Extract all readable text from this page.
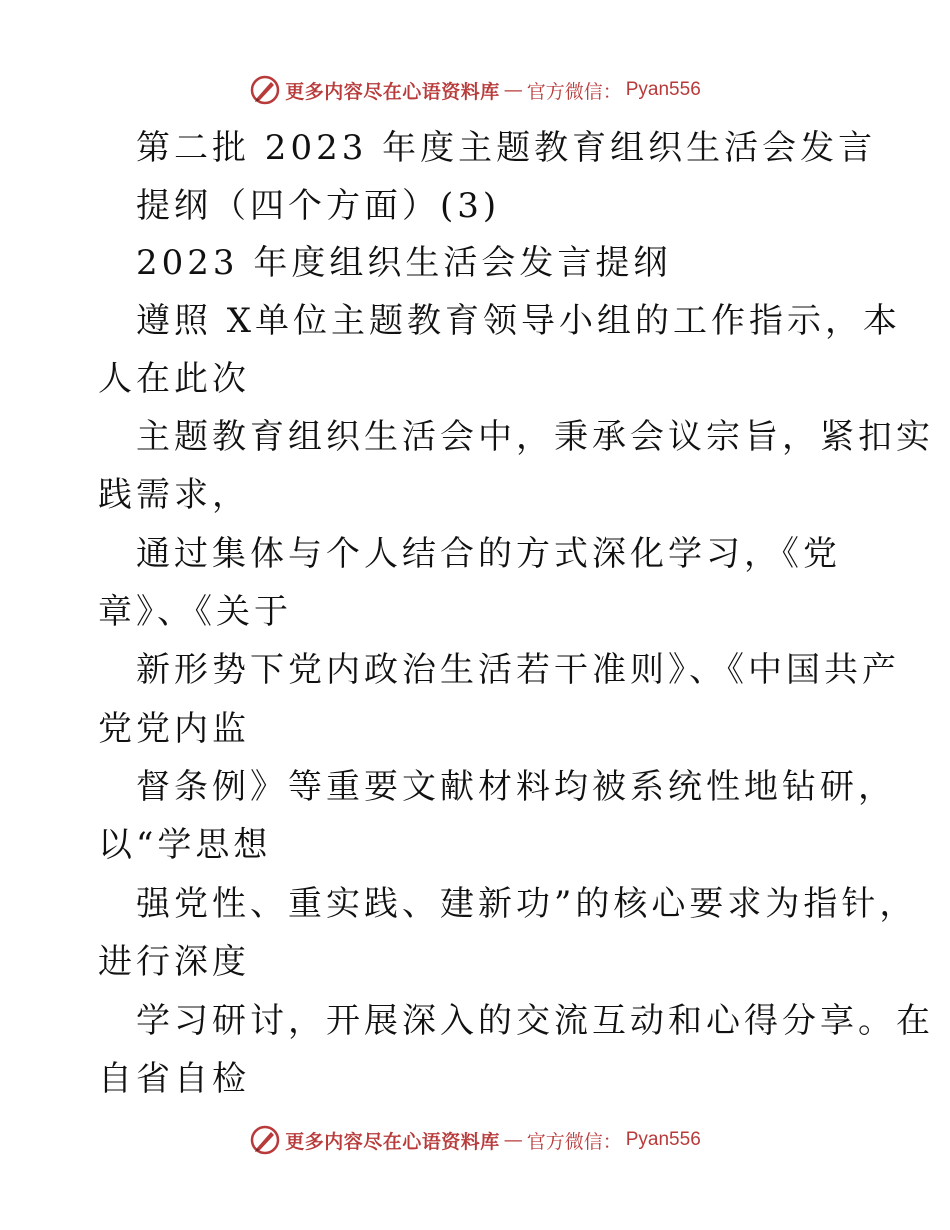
更多内容尽在心语资料库 — 官方微信： Pyan556
第二批 2023 年度主题教育组织生活会发言
提纲（四个方面）(3)
2023 年度组织生活会发言提纲
遵照 X单位主题教育领导小组的工作指示，本
人在此次
主题教育组织生活会中，秉承会议宗旨，紧扣实
践需求，
通过集体与个人结合的方式深化学习，《党
章》、《关于
新形势下党内政治生活若干准则》、《中国共产
党党内监
督条例》等重要文献材料均被系统性地钻研，
以“学思想
强党性、重实践、建新功”的核心要求为指针，
进行深度
学习研讨，开展深入的交流互动和心得分享。在
自省自检
更多内容尽在心语资料库 — 官方微信： Pyan556
